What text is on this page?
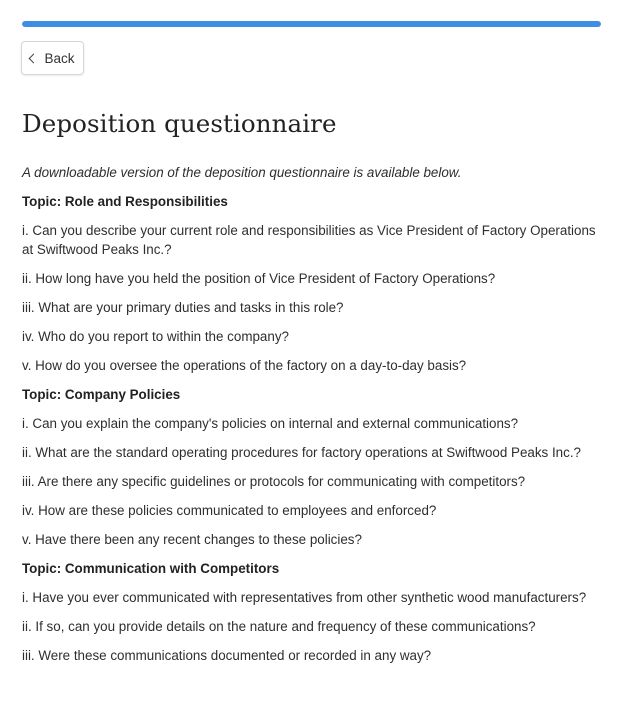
Back
Deposition questionnaire

A downloadable version of the deposition questionnaire is available below.

Topic: Role and Responsibilities

i. Can you describe your current role and responsibilities as Vice President of Factory Operations at Swiftwood Peaks Inc.?

ii. How long have you held the position of Vice President of Factory Operations?

iii. What are your primary duties and tasks in this role?

iv. Who do you report to within the company?

v. How do you oversee the operations of the factory on a day-to-day basis?

Topic: Company Policies

i. Can you explain the company's policies on internal and external communications?

ii. What are the standard operating procedures for factory operations at Swiftwood Peaks Inc.?

iii. Are there any specific guidelines or protocols for communicating with competitors?

iv. How are these policies communicated to employees and enforced?

v. Have there been any recent changes to these policies?

Topic: Communication with Competitors

i. Have you ever communicated with representatives from other synthetic wood manufacturers?

ii. If so, can you provide details on the nature and frequency of these communications?

iii. Were these communications documented or recorded in any way?
